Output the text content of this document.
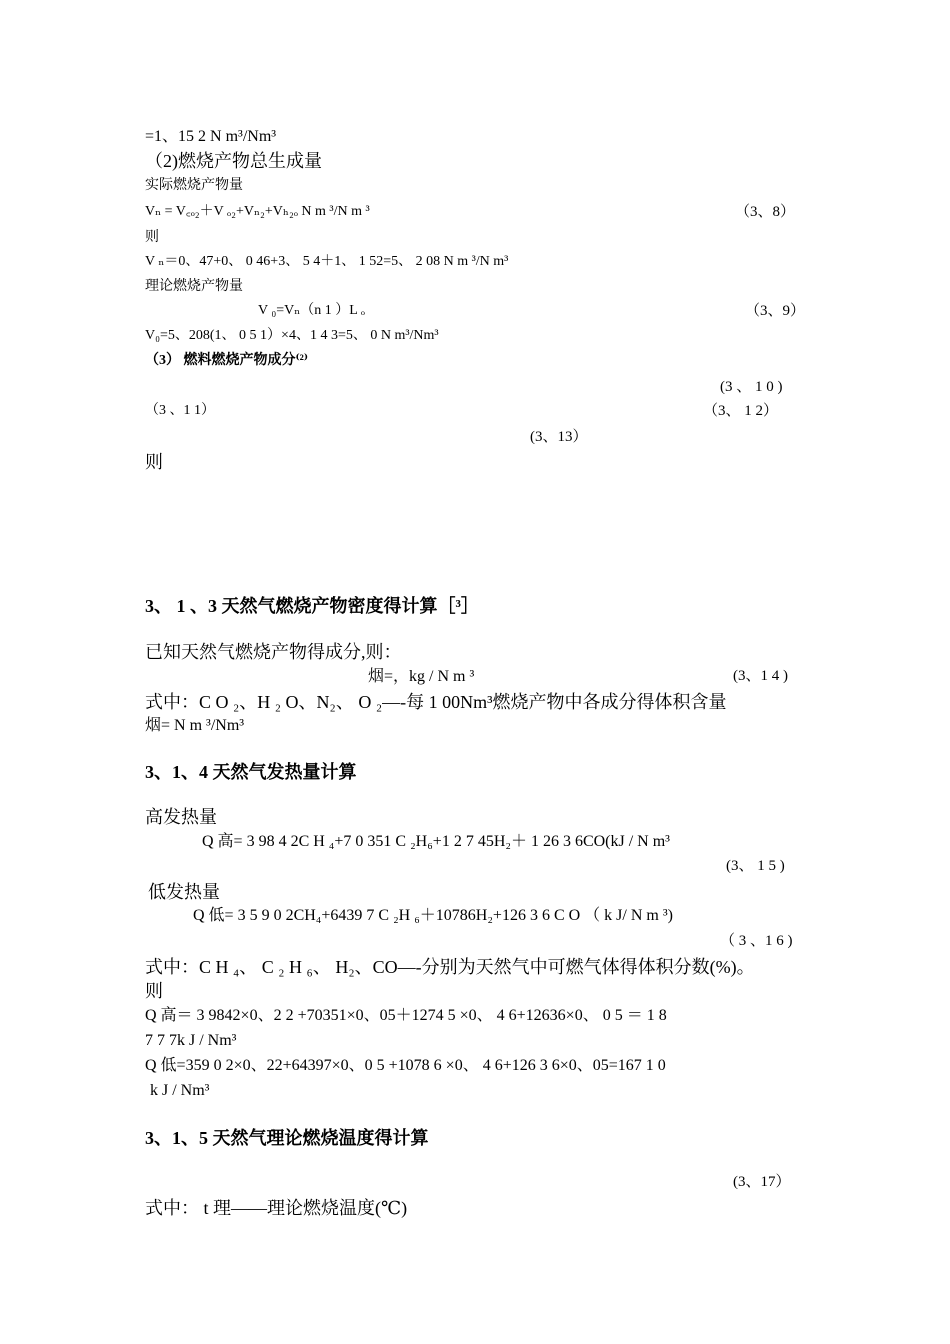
=1、15 2 N m³/Nm³
（2)燃烧产物总生成量
实际燃烧产物量
Vₙ = V꜀ₒ₂＋V ₒ₂+Vₙ₂+Vₕ₂ₒ N m ³/N m ³	（3、8）
则
V ₙ＝0、47+0、 0 46+3、 5 4＋1、 1 52=5、 2 08 N m ³/N m³
理论燃烧产物量
V ₀=Vₙ（n 1 ）L ₒ	（3、9）
V₀=5、208(1、 0 5 1）×4、1 4 3=5、 0 N m³/Nm³
（3） 燃料燃烧产物成分⁽²⁾
(3 、 1 0 )
（3 、1 1）	（3、 1 2）
(3、13）
则
3、 1 、3 天然气燃烧产物密度得计算［³］
已知天然气燃烧产物得成分,则：
烟=，kg / N m ³	(3、1 4 )
式中：C O ₂、H ₂ O、N₂、 O ₂—-每 1 00Nm³燃烧产物中各成分得体积含量
烟= N m ³/Nm³
3、1、4 天然气发热量计算
高发热量
Q 高= 3 98 4 2C H ₄+7 0 351 C ₂H₆+1 2 7 45H₂＋ 1 26 3 6CO(kJ / N m³
(3、 1 5 )
低发热量
Q 低= 3 5 9 0 2CH₄+6439 7 C ₂H ₆＋10786H₂+126 3 6 C O （ k J/ N m ³)
（ 3 、1 6 )
式中：C H ₄、 C ₂ H ₆、 H₂、CO—-分别为天然气中可燃气体得体积分数(%)。
则
Q 高＝ 3 9842×0、2 2 +70351×0、05＋1274 5 ×0、 4 6+12636×0、 0 5 ＝ 1 8
7 7 7k J / Nm³
Q 低=359 0 2×0、22+64397×0、0 5 +1078 6 ×0、 4 6+126 3 6×0、05=167 1 0
k J / Nm³
3、1、5 天然气理论燃烧温度得计算
(3、17）
式中： t 理——理论燃烧温度(℃)
